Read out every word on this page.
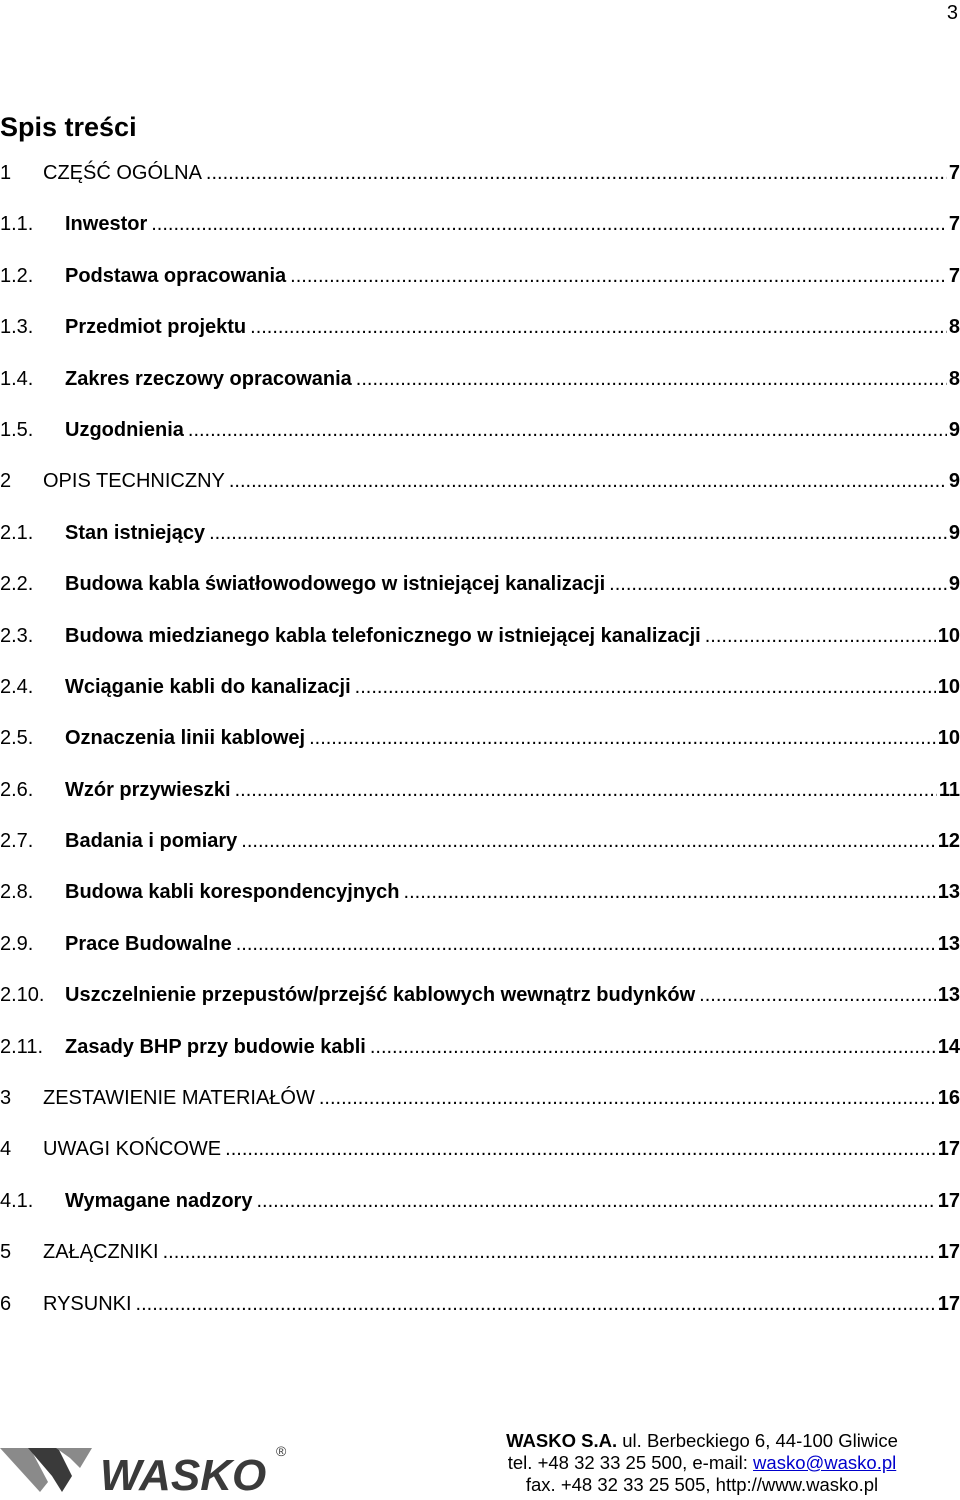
3
Spis treści
1	CZĘŚĆ OGÓLNA .....	7
1.1.	Inwestor .....	7
1.2.	Podstawa opracowania .....	7
1.3.	Przedmiot projektu .....	8
1.4.	Zakres rzeczowy opracowania .....	8
1.5.	Uzgodnienia .....	9
2	OPIS TECHNICZNY .....	9
2.1.	Stan istniejący .....	9
2.2.	Budowa kabla światłowodowego w istniejącej kanalizacji .....	9
2.3.	Budowa miedzianego kabla telefonicznego w istniejącej kanalizacji .....	10
2.4.	Wciąganie kabli do kanalizacji .....	10
2.5.	Oznaczenia linii kablowej .....	10
2.6.	Wzór przywieszki .....	11
2.7.	Badania i pomiary .....	12
2.8.	Budowa kabli korespondencyjnych .....	13
2.9.	Prace Budowalne .....	13
2.10.	Uszczelnienie przepustów/przejść kablowych wewnątrz budynków .....	13
2.11.	Zasady BHP przy budowie kabli .....	14
3	ZESTAWIENIE MATERIAŁÓW .....	16
4	UWAGI KOŃCOWE .....	17
4.1.	Wymagane nadzory .....	17
5	ZAŁĄCZNIKI .....	17
6	RYSUNKI .....	17
WASKO ®	WASKO S.A. ul. Berbeckiego 6, 44-100 Gliwice
tel. +48 32 33 25 500, e-mail: wasko@wasko.pl
fax. +48 32 33 25 505, http://www.wasko.pl
